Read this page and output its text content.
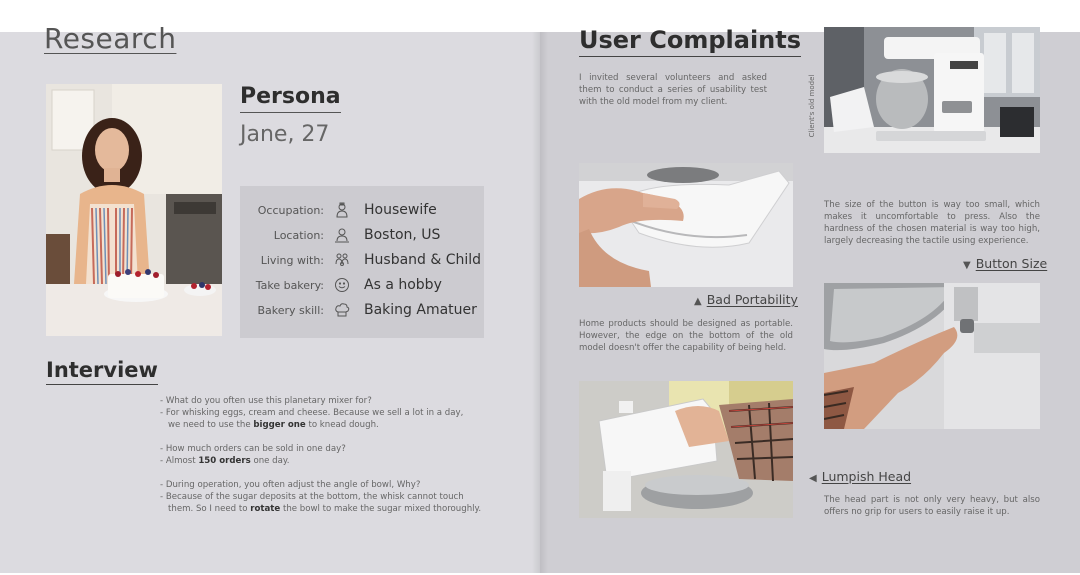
Research
Persona
Jane, 27
Occupation:	Housewife
Location:	Boston, US
Living with:	Husband & Child
Take bakery:	As a hobby
Bakery skill:	Baking Amatuer
Interview
- What do you often use this planetary mixer for?
- For whisking eggs, cream and cheese. Because we sell a lot in a day,
we need to use the bigger one to knead dough.
- How much orders can be sold in one day?
- Almost 150 orders one day.
- During operation, you often adjust the angle of bowl, Why?
- Because of the sugar deposits at the bottom, the whisk cannot touch
them. So I need to rotate the bowl to make the sugar mixed thoroughly.
User Complaints
I invited several volunteers and asked them to conduct a series of usability test with the old model from my client.	Client's old model
The size of the button is way too small, which makes it uncomfortable to press. Also the hardness of the chosen material is way too high, largely decreasing the tactile using experience.
▼ Button Size
▲ Bad Portability
Home products should be designed as portable. However, the edge on the bottom of the old model doesn't offer the capability of being held.
◀ Lumpish Head
The head part is not only very heavy, but also offers no grip for users to easily raise it up.
